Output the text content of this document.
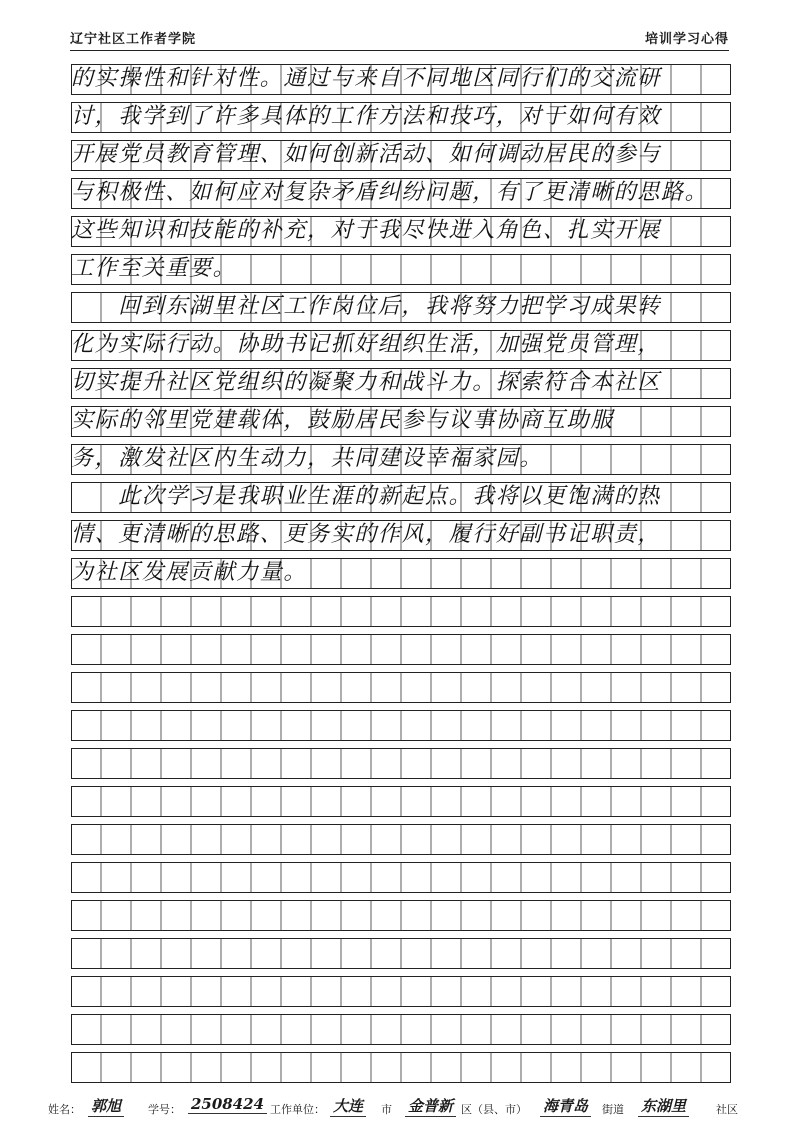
辽宁社区工作者学院	培训学习心得
的实操性和针对性。通过与来自不同地区同行们的交流研
讨，我学到了许多具体的工作方法和技巧，对于如何有效
开展党员教育管理、如何创新活动、如何调动居民的参与
与积极性、如何应对复杂矛盾纠纷问题，有了更清晰的思路。
这些知识和技能的补充，对于我尽快进入角色、扎实开展
工作至关重要。
　　回到东湖里社区工作岗位后，我将努力把学习成果转
化为实际行动。协助书记抓好组织生活，加强党员管理，
切实提升社区党组织的凝聚力和战斗力。探索符合本社区
实际的邻里党建载体，鼓励居民参与议事协商互助服
务，激发社区内生动力，共同建设幸福家园。
　　此次学习是我职业生涯的新起点。我将以更饱满的热
情、更清晰的思路、更务实的作风，履行好副书记职责，
为社区发展贡献力量。
姓名： 郭旭 学号： 2508424 工作单位： 大连 市 金普新 区（县、市） 海青岛 街道 东湖里	社区
